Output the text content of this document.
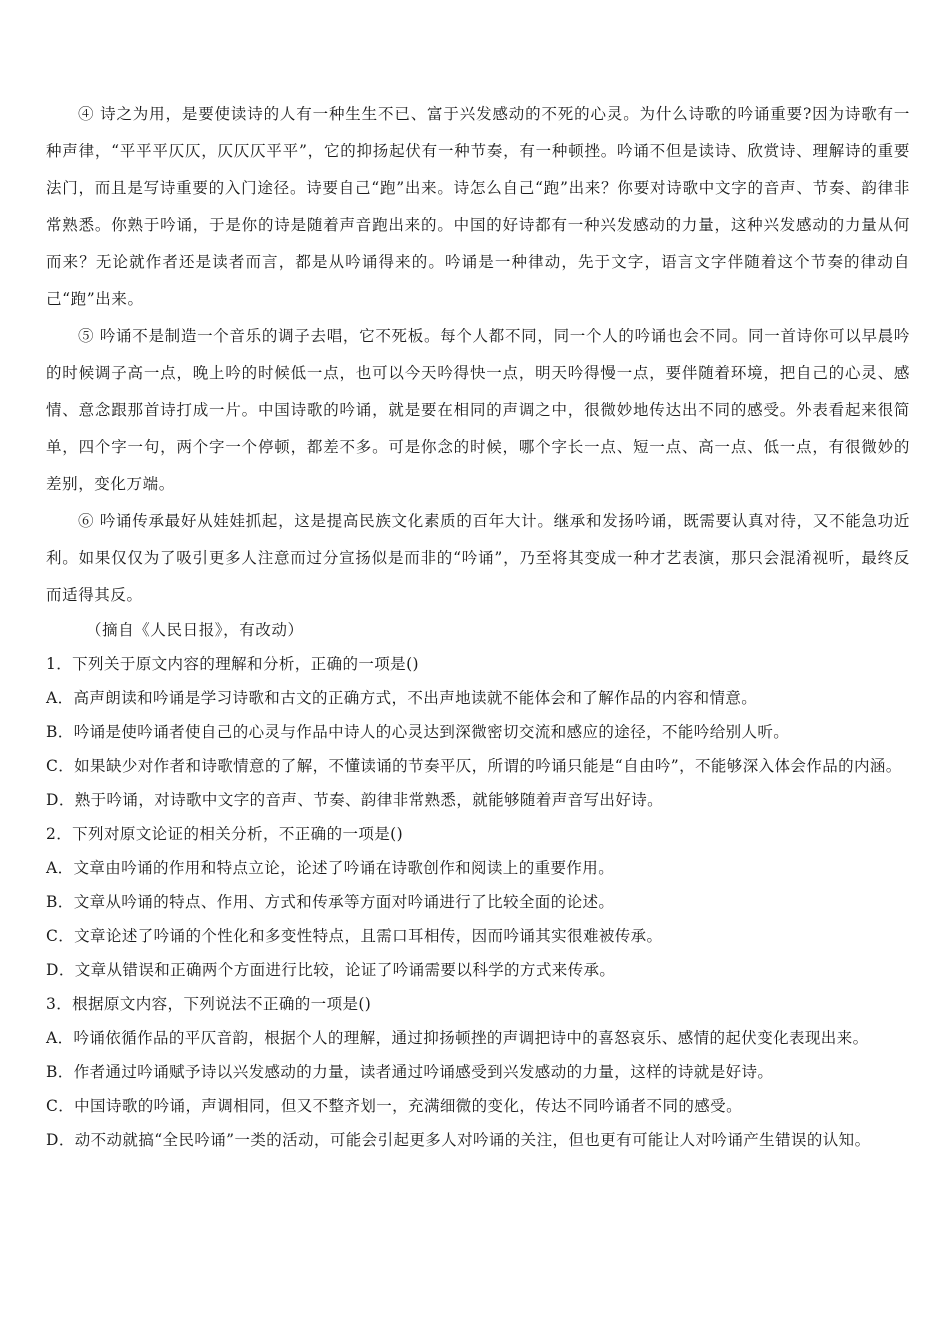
④ 诗之为用，是要使读诗的人有一种生生不已、富于兴发感动的不死的心灵。为什么诗歌的吟诵重要?因为诗歌有一种声律，“平平平仄仄，仄仄仄平平”，它的抑扬起伏有一种节奏，有一种顿挫。吟诵不但是读诗、欣赏诗、理解诗的重要法门，而且是写诗重要的入门途径。诗要自己“跑”出来。诗怎么自己“跑”出来？你要对诗歌中文字的音声、节奏、韵律非常熟悉。你熟于吟诵，于是你的诗是随着声音跑出来的。中国的好诗都有一种兴发感动的力量，这种兴发感动的力量从何而来？无论就作者还是读者而言，都是从吟诵得来的。吟诵是一种律动，先于文字，语言文字伴随着这个节奏的律动自己“跑”出来。

⑤ 吟诵不是制造一个音乐的调子去唱，它不死板。每个人都不同，同一个人的吟诵也会不同。同一首诗你可以早晨吟的时候调子高一点，晚上吟的时候低一点，也可以今天吟得快一点，明天吟得慢一点，要伴随着环境，把自己的心灵、感情、意念跟那首诗打成一片。中国诗歌的吟诵，就是要在相同的声调之中，很微妙地传达出不同的感受。外表看起来很简单，四个字一句，两个字一个停顿，都差不多。可是你念的时候，哪个字长一点、短一点、高一点、低一点，有很微妙的差别，变化万端。

⑥ 吟诵传承最好从娃娃抓起，这是提高民族文化素质的百年大计。继承和发扬吟诵，既需要认真对待，又不能急功近利。如果仅仅为了吸引更多人注意而过分宣扬似是而非的“吟诵”，乃至将其变成一种才艺表演，那只会混淆视听，最终反而适得其反。

（摘自《人民日报》，有改动）

1．下列关于原文内容的理解和分析，正确的一项是()

A．高声朗读和吟诵是学习诗歌和古文的正确方式，不出声地读就不能体会和了解作品的内容和情意。

B．吟诵是使吟诵者使自己的心灵与作品中诗人的心灵达到深微密切交流和感应的途径，不能吟给别人听。

C．如果缺少对作者和诗歌情意的了解，不懂读诵的节奏平仄，所谓的吟诵只能是“自由吟”，不能够深入体会作品的内涵。

D．熟于吟诵，对诗歌中文字的音声、节奏、韵律非常熟悉，就能够随着声音写出好诗。

2．下列对原文论证的相关分析，不正确的一项是()

A．文章由吟诵的作用和特点立论，论述了吟诵在诗歌创作和阅读上的重要作用。

B．文章从吟诵的特点、作用、方式和传承等方面对吟诵进行了比较全面的论述。

C．文章论述了吟诵的个性化和多变性特点，且需口耳相传，因而吟诵其实很难被传承。

D．文章从错误和正确两个方面进行比较，论证了吟诵需要以科学的方式来传承。

3．根据原文内容，下列说法不正确的一项是()

A．吟诵依循作品的平仄音韵，根据个人的理解，通过抑扬顿挫的声调把诗中的喜怒哀乐、感情的起伏变化表现出来。

B．作者通过吟诵赋予诗以兴发感动的力量，读者通过吟诵感受到兴发感动的力量，这样的诗就是好诗。

C．中国诗歌的吟诵，声调相同，但又不整齐划一，充满细微的变化，传达不同吟诵者不同的感受。

D．动不动就搞“全民吟诵”一类的活动，可能会引起更多人对吟诵的关注，但也更有可能让人对吟诵产生错误的认知。
